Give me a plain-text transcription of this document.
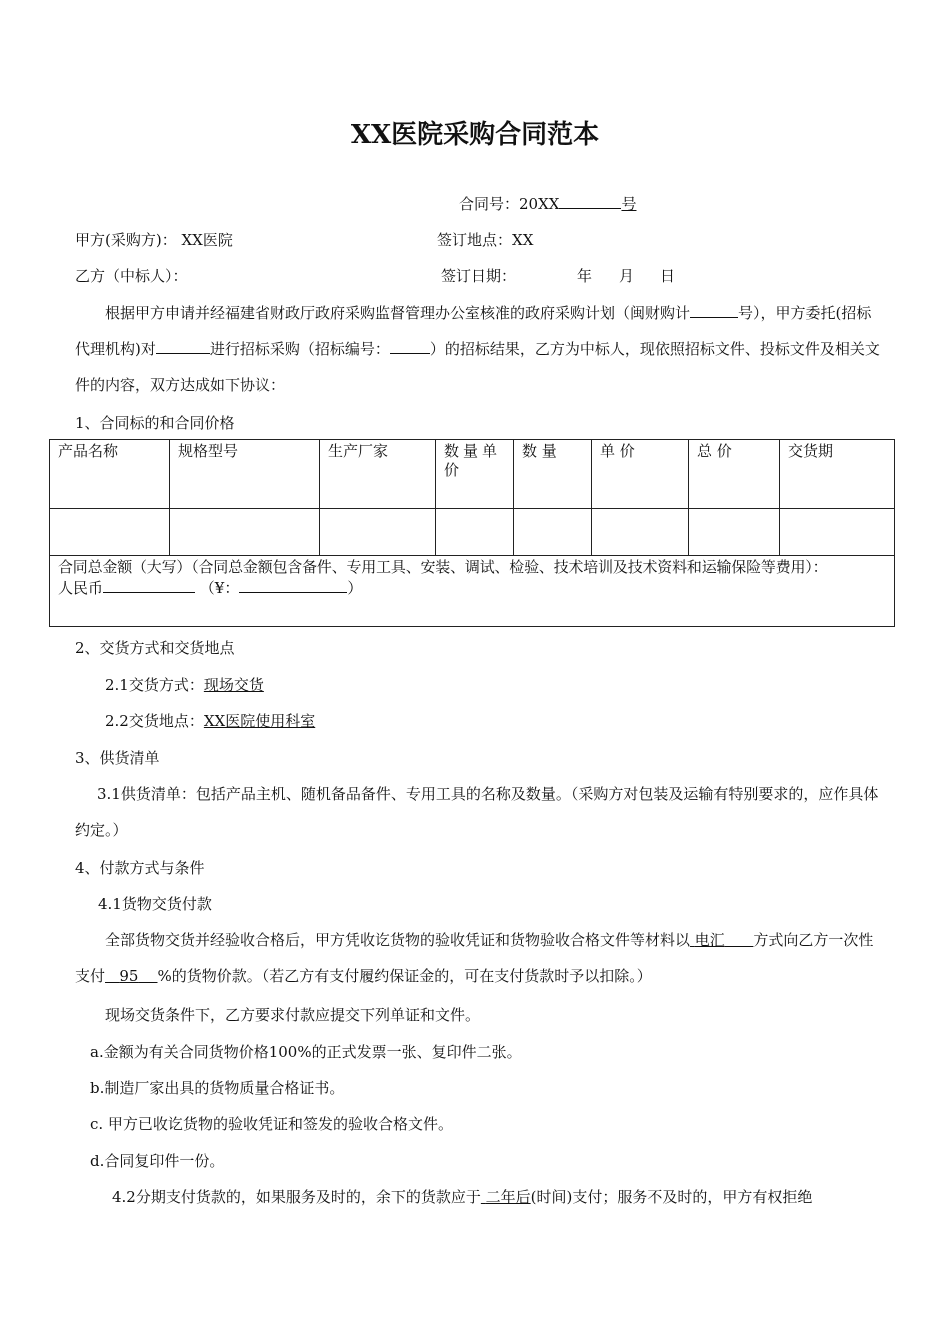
XX医院采购合同范本
合同号：20XX	号
甲方(采购方)： XX医院	签订地点：XX
乙方（中标人）：	签订日期：	年 月 日
根据甲方申请并经福建省财政厅政府采购监督管理办公室核准的政府采购计划（闽财购计	号），甲方委托(招标代理机构)对	进行招标采购（招标编号：	）的招标结果，乙方为中标人，现依照招标文件、投标文件及相关文件的内容，双方达成如下协议：
1、合同标的和合同价格
产品名称	规格型号	生产厂家	数量单价	数 量	单 价	总 价	交货期

合同总金额（大写）（合同总金额包含备件、专用工具、安装、调试、检验、技术培训及技术资料和运输保险等费用）：
人民币 （¥： ）							
2、交货方式和交货地点
2.1交货方式：现场交货
2.2交货地点：XX医院使用科室
3、供货清单
3.1供货清单：包括产品主机、随机备品备件、专用工具的名称及数量。（采购方对包装及运输有特别要求的，应作具体约定。）
4、付款方式与条件
4.1货物交货付款
全部货物交货并经验收合格后，甲方凭收讫货物的验收凭证和货物验收合格文件等材料以 电汇 方式向乙方一次性支付 95 %的货物价款。（若乙方有支付履约保证金的，可在支付货款时予以扣除。）
现场交货条件下，乙方要求付款应提交下列单证和文件。
a.金额为有关合同货物价格100%的正式发票一张、复印件二张。
b.制造厂家出具的货物质量合格证书。
c. 甲方已收讫货物的验收凭证和签发的验收合格文件。
d.合同复印件一份。
4.2分期支付货款的，如果服务及时的，余下的货款应于 二年后(时间)支付；服务不及时的，甲方有权拒绝
